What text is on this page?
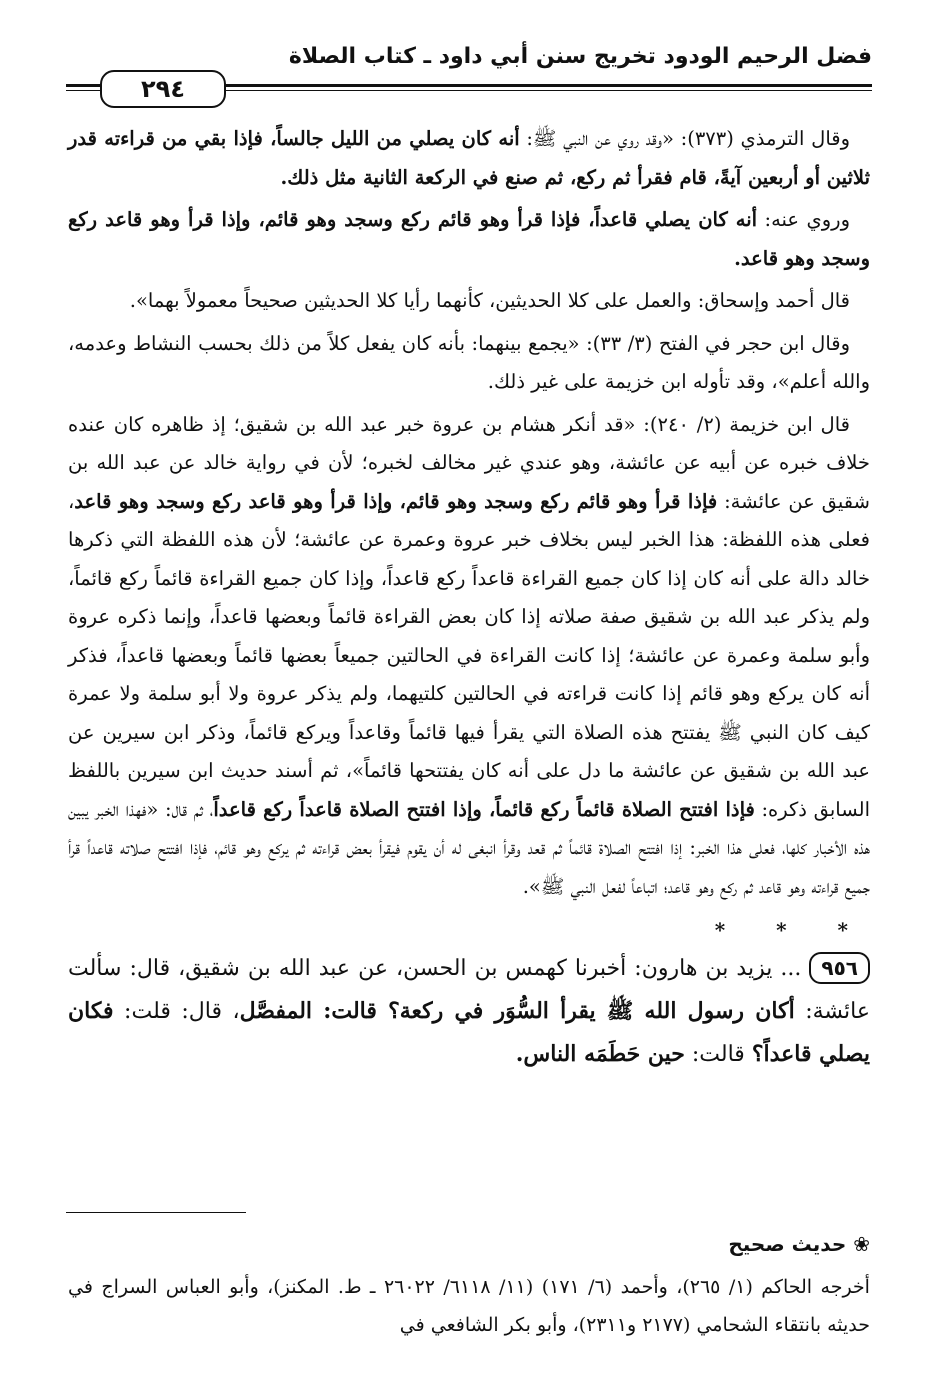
فضل الرحيم الودود تخريج سنن أبي داود ـ كتاب الصلاة
٢٩٤

وقال الترمذي (٣٧٣): «وقد روي عن النبي ﷺ: أنه كان يصلي من الليل جالساً، فإذا بقي من قراءته قدر ثلاثين أو أربعين آيةً، قام فقرأ ثم ركع، ثم صنع في الركعة الثانية مثل ذلك.

وروي عنه: أنه كان يصلي قاعداً، فإذا قرأ وهو قائم ركع وسجد وهو قائم، وإذا قرأ وهو قاعد ركع وسجد وهو قاعد.

قال أحمد وإسحاق: والعمل على كلا الحديثين، كأنهما رأيا كلا الحديثين صحيحاً معمولاً بهما».

وقال ابن حجر في الفتح (٣/ ٣٣): «يجمع بينهما: بأنه كان يفعل كلاً من ذلك بحسب النشاط وعدمه، والله أعلم»، وقد تأوله ابن خزيمة على غير ذلك.

قال ابن خزيمة (٢/ ٢٤٠): «قد أنكر هشام بن عروة خبر عبد الله بن شقيق؛ إذ ظاهره كان عنده خلاف خبره عن أبيه عن عائشة، وهو عندي غير مخالف لخبره؛ لأن في رواية خالد عن عبد الله بن شقيق عن عائشة: فإذا قرأ وهو قائم ركع وسجد وهو قائم، وإذا قرأ وهو قاعد ركع وسجد وهو قاعد، فعلى هذه اللفظة: هذا الخبر ليس بخلاف خبر عروة وعمرة عن عائشة؛ لأن هذه اللفظة التي ذكرها خالد دالة على أنه كان إذا كان جميع القراءة قاعداً ركع قاعداً، وإذا كان جميع القراءة قائماً ركع قائماً، ولم يذكر عبد الله بن شقيق صفة صلاته إذا كان بعض القراءة قائماً وبعضها قاعداً، وإنما ذكره عروة وأبو سلمة وعمرة عن عائشة؛ إذا كانت القراءة في الحالتين جميعاً بعضها قائماً وبعضها قاعداً، فذكر أنه كان يركع وهو قائم إذا كانت قراءته في الحالتين كلتيهما، ولم يذكر عروة ولا أبو سلمة ولا عمرة كيف كان النبي ﷺ يفتتح هذه الصلاة التي يقرأ فيها قائماً وقاعداً ويركع قائماً، وذكر ابن سيرين عن عبد الله بن شقيق عن عائشة ما دل على أنه كان يفتتحها قائماً»، ثم أسند حديث ابن سيرين باللفظ السابق ذكره: فإذا افتتح الصلاة قائماً ركع قائماً، وإذا افتتح الصلاة قاعداً ركع قاعداً، ثم قال: «فهذا الخبر يبين هذه الأخبار كلها، فعلى هذا الخبر: إذا افتتح الصلاة قائماً ثم قعد وقرأ انبغى له أن يقوم فيقرأ بعض قراءته ثم يركع وهو قائم، فإذا افتتح صلاته قاعداً قرأ جميع قراءته وهو قاعد ثم ركع وهو قاعد؛ اتباعاً لفعل النبي ﷺ».

* * *

٩٥٦... يزيد بن هارون: أخبرنا كهمس بن الحسن، عن عبد الله بن شقيق، قال: سألت عائشة: أكان رسول الله ﷺ يقرأ السُّوَر في ركعة؟ قالت: المفصَّل، قال: قلت: فكان يصلي قاعداً؟ قالت: حين حَطَمَه الناس.

❀ حديث صحيح
أخرجه الحاكم (١/ ٢٦٥)، وأحمد (٦/ ١٧١) (١١/ ٦١١٨/ ٢٦٠٢٢ ـ ط. المكنز)، وأبو العباس السراج في حديثه بانتقاء الشحامي (٢١٧٧ و٢٣١١)، وأبو بكر الشافعي في
